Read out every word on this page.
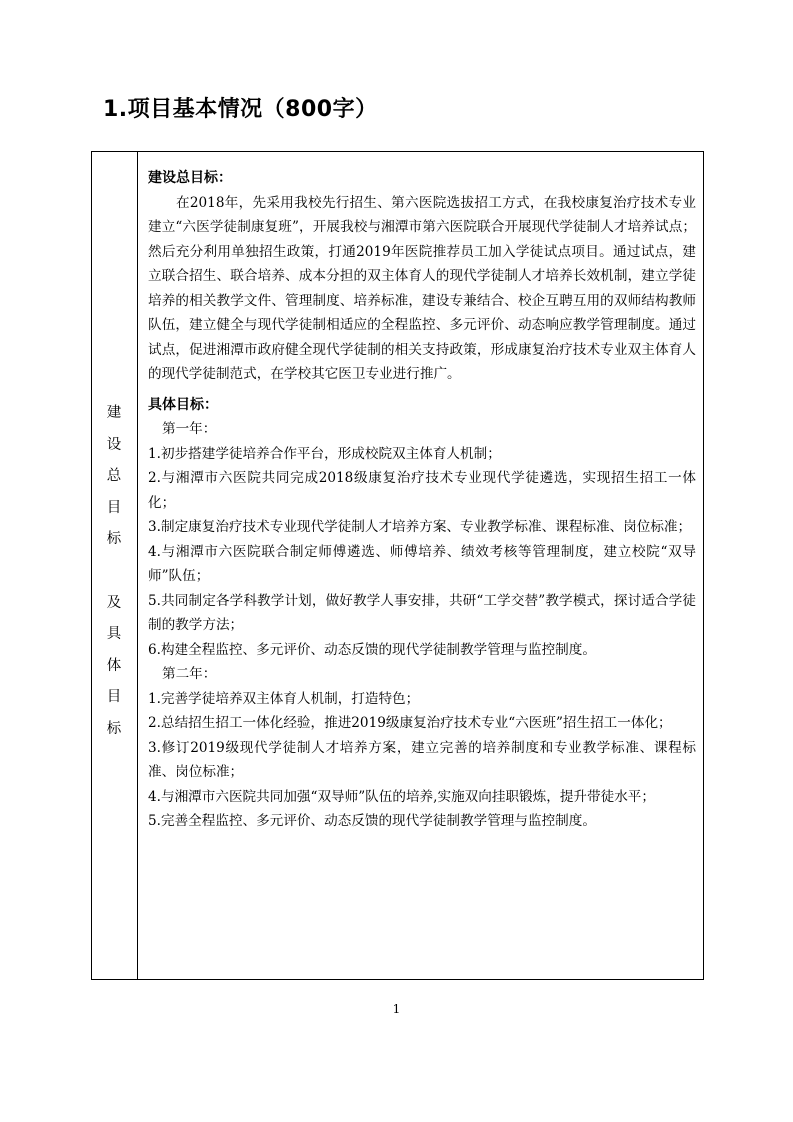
1.项目基本情况（800字）
建
设
总
目
标

及
具
体
目
标

建设总目标：

在2018年，先采用我校先行招生、第六医院选拔招工方式，在我校康复治疗技术专业建立“六医学徒制康复班”，开展我校与湘潭市第六医院联合开展现代学徒制人才培养试点；然后充分利用单独招生政策，打通2019年医院推荐员工加入学徒试点项目。通过试点，建立联合招生、联合培养、成本分担的双主体育人的现代学徒制人才培养长效机制，建立学徒培养的相关教学文件、管理制度、培养标准，建设专兼结合、校企互聘互用的双师结构教师队伍，建立健全与现代学徒制相适应的全程监控、多元评价、动态响应教学管理制度。通过试点，促进湘潭市政府健全现代学徒制的相关支持政策，形成康复治疗技术专业双主体育人的现代学徒制范式，在学校其它医卫专业进行推广。

具体目标：

第一年：

1.初步搭建学徒培养合作平台，形成校院双主体育人机制；

2.与湘潭市六医院共同完成2018级康复治疗技术专业现代学徒遴选，实现招生招工一体化；

3.制定康复治疗技术专业现代学徒制人才培养方案、专业教学标准、课程标准、岗位标准；

4.与湘潭市六医院联合制定师傅遴选、师傅培养、绩效考核等管理制度，建立校院“双导师”队伍；

5.共同制定各学科教学计划，做好教学人事安排，共研“工学交替”教学模式，探讨适合学徒制的教学方法；

6.构建全程监控、多元评价、动态反馈的现代学徒制教学管理与监控制度。

第二年：

1.完善学徒培养双主体育人机制，打造特色；

2.总结招生招工一体化经验，推进2019级康复治疗技术专业“六医班”招生招工一体化；

3.修订2019级现代学徒制人才培养方案，建立完善的培养制度和专业教学标准、课程标准、岗位标准；

4.与湘潭市六医院共同加强“双导师”队伍的培养,实施双向挂职锻炼，提升带徒水平；

5.完善全程监控、多元评价、动态反馈的现代学徒制教学管理与监控制度。

1
